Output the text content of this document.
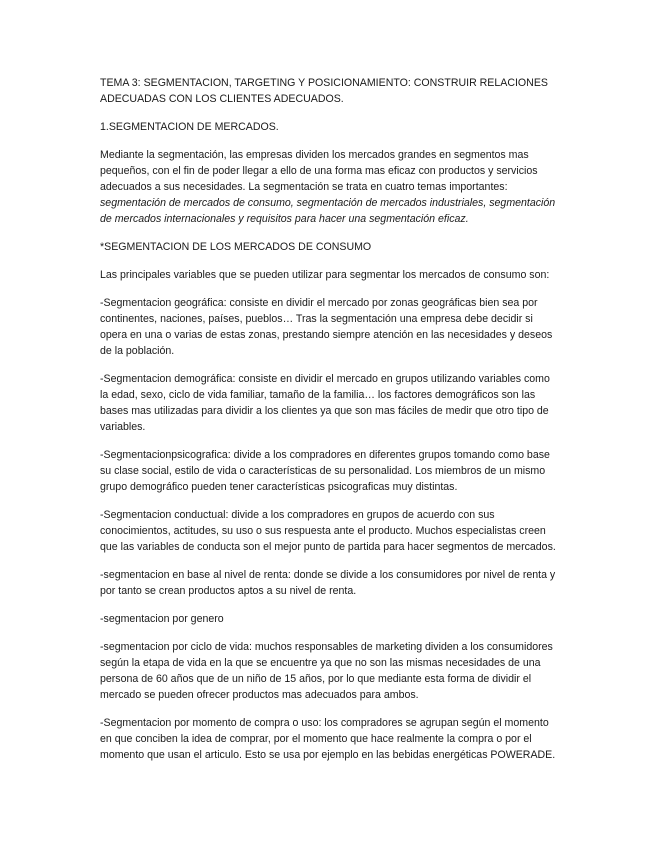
TEMA 3: SEGMENTACION, TARGETING Y POSICIONAMIENTO: CONSTRUIR RELACIONES ADECUADAS CON LOS CLIENTES ADECUADOS.

1.SEGMENTACION DE MERCADOS.

Mediante la segmentación, las empresas dividen los mercados grandes en segmentos mas pequeños, con el fin de poder llegar a ello de una forma mas eficaz con productos y servicios adecuados a sus necesidades. La segmentación se trata en cuatro temas importantes: segmentación de mercados de consumo, segmentación de mercados industriales, segmentación de mercados internacionales y requisitos para hacer una segmentación eficaz.

*SEGMENTACION DE LOS MERCADOS DE CONSUMO

Las principales variables que se pueden utilizar para segmentar los mercados de consumo son:

-Segmentacion geográfica: consiste en dividir el mercado por zonas geográficas bien sea por continentes, naciones, países, pueblos… Tras la segmentación una empresa debe decidir si opera en una o varias de estas zonas, prestando siempre atención en las necesidades y deseos de la población.

-Segmentacion demográfica: consiste en dividir el mercado en grupos utilizando variables como la edad, sexo, ciclo de vida familiar, tamaño de la familia… los factores demográficos son las bases mas utilizadas para dividir a los clientes ya que son mas fáciles de medir que otro tipo de variables.

-Segmentacionpsicografica: divide a los compradores en diferentes grupos tomando como base su clase social, estilo de vida o características de su personalidad. Los miembros de un mismo grupo demográfico pueden tener características psicograficas muy distintas.

-Segmentacion conductual: divide a los compradores en grupos de acuerdo con sus conocimientos, actitudes, su uso o sus respuesta ante el producto. Muchos especialistas creen que las variables de conducta son el mejor punto de partida para hacer segmentos de mercados.

-segmentacion en base al nivel de renta: donde se divide a los consumidores por nivel de renta y por tanto se crean productos aptos a su nivel de renta.

-segmentacion por genero

-segmentacion por ciclo de vida: muchos responsables de marketing dividen a los consumidores según la etapa de vida en la que se encuentre ya que no son las mismas necesidades de una persona de 60 años que de un niño de 15 años, por lo que mediante esta forma de dividir el mercado se pueden ofrecer productos mas adecuados para ambos.

-Segmentacion por momento de compra o uso: los compradores se agrupan según el momento en que conciben la idea de comprar, por el momento que hace realmente la compra o por el momento que usan el articulo. Esto se usa por ejemplo en las bebidas energéticas POWERADE.
